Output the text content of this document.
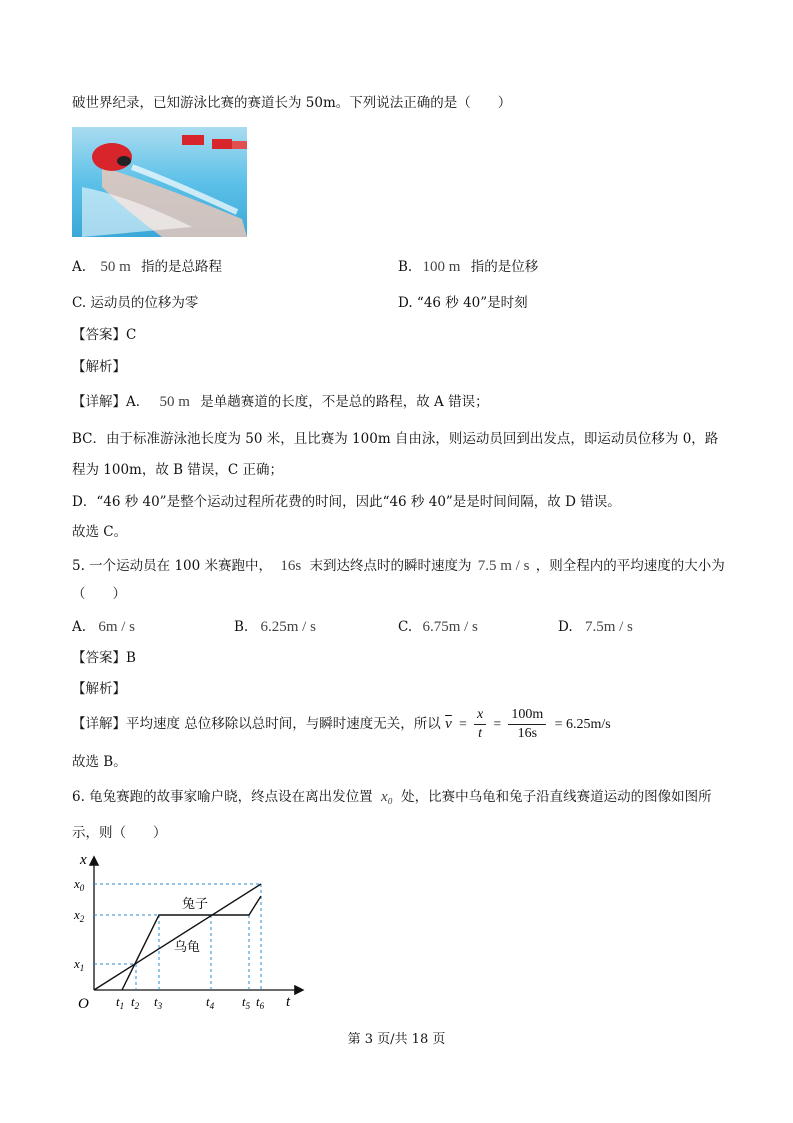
破世界纪录，已知游泳比赛的赛道长为 50m。下列说法正确的是（　　）
A. 50 m 指的是总路程	B. 100 m 指的是位移
C. 运动员的位移为零	D. “46 秒 40”是时刻
【答案】C
【解析】
【详解】A． 50 m 是单趟赛道的长度，不是总的路程，故 A 错误；
BC．由于标准游泳池长度为 50 米，且比赛为 100m 自由泳，则运动员回到出发点，即运动员位移为 0，路
程为 100m，故 B 错误，C 正确；
D．“46 秒 40”是整个运动过程所花费的时间，因此“46 秒 40”是是时间间隔，故 D 错误。
故选 C。
5. 一个运动员在 100 米赛跑中， 16s 末到达终点时的瞬时速度为 7.5 m / s ，则全程内的平均速度的大小为
（　　）
A. 6m / s	B. 6.25m / s	C. 6.75m / s	D. 7.5m / s
【答案】B
【解析】
【详解】平均速度 总位移除以总时间，与瞬时速度无关，所以 $\overline{v} = \frac{x}{t} = \frac{100m}{16s} = 6.25m/s$
故选 B。
6. 龟兔赛跑的故事家喻户晓，终点设在离出发位置 x₀ 处，比赛中乌龟和兔子沿直线赛道运动的图像如图所
示，则（　　）
x
t
O
$x_0$
$x_2$
$x_1$
$t_1$ $t_2$ $t_3$	$t_4$ $t_5$ $t_6$
兔子
乌龟
第 3 页/共 18 页
